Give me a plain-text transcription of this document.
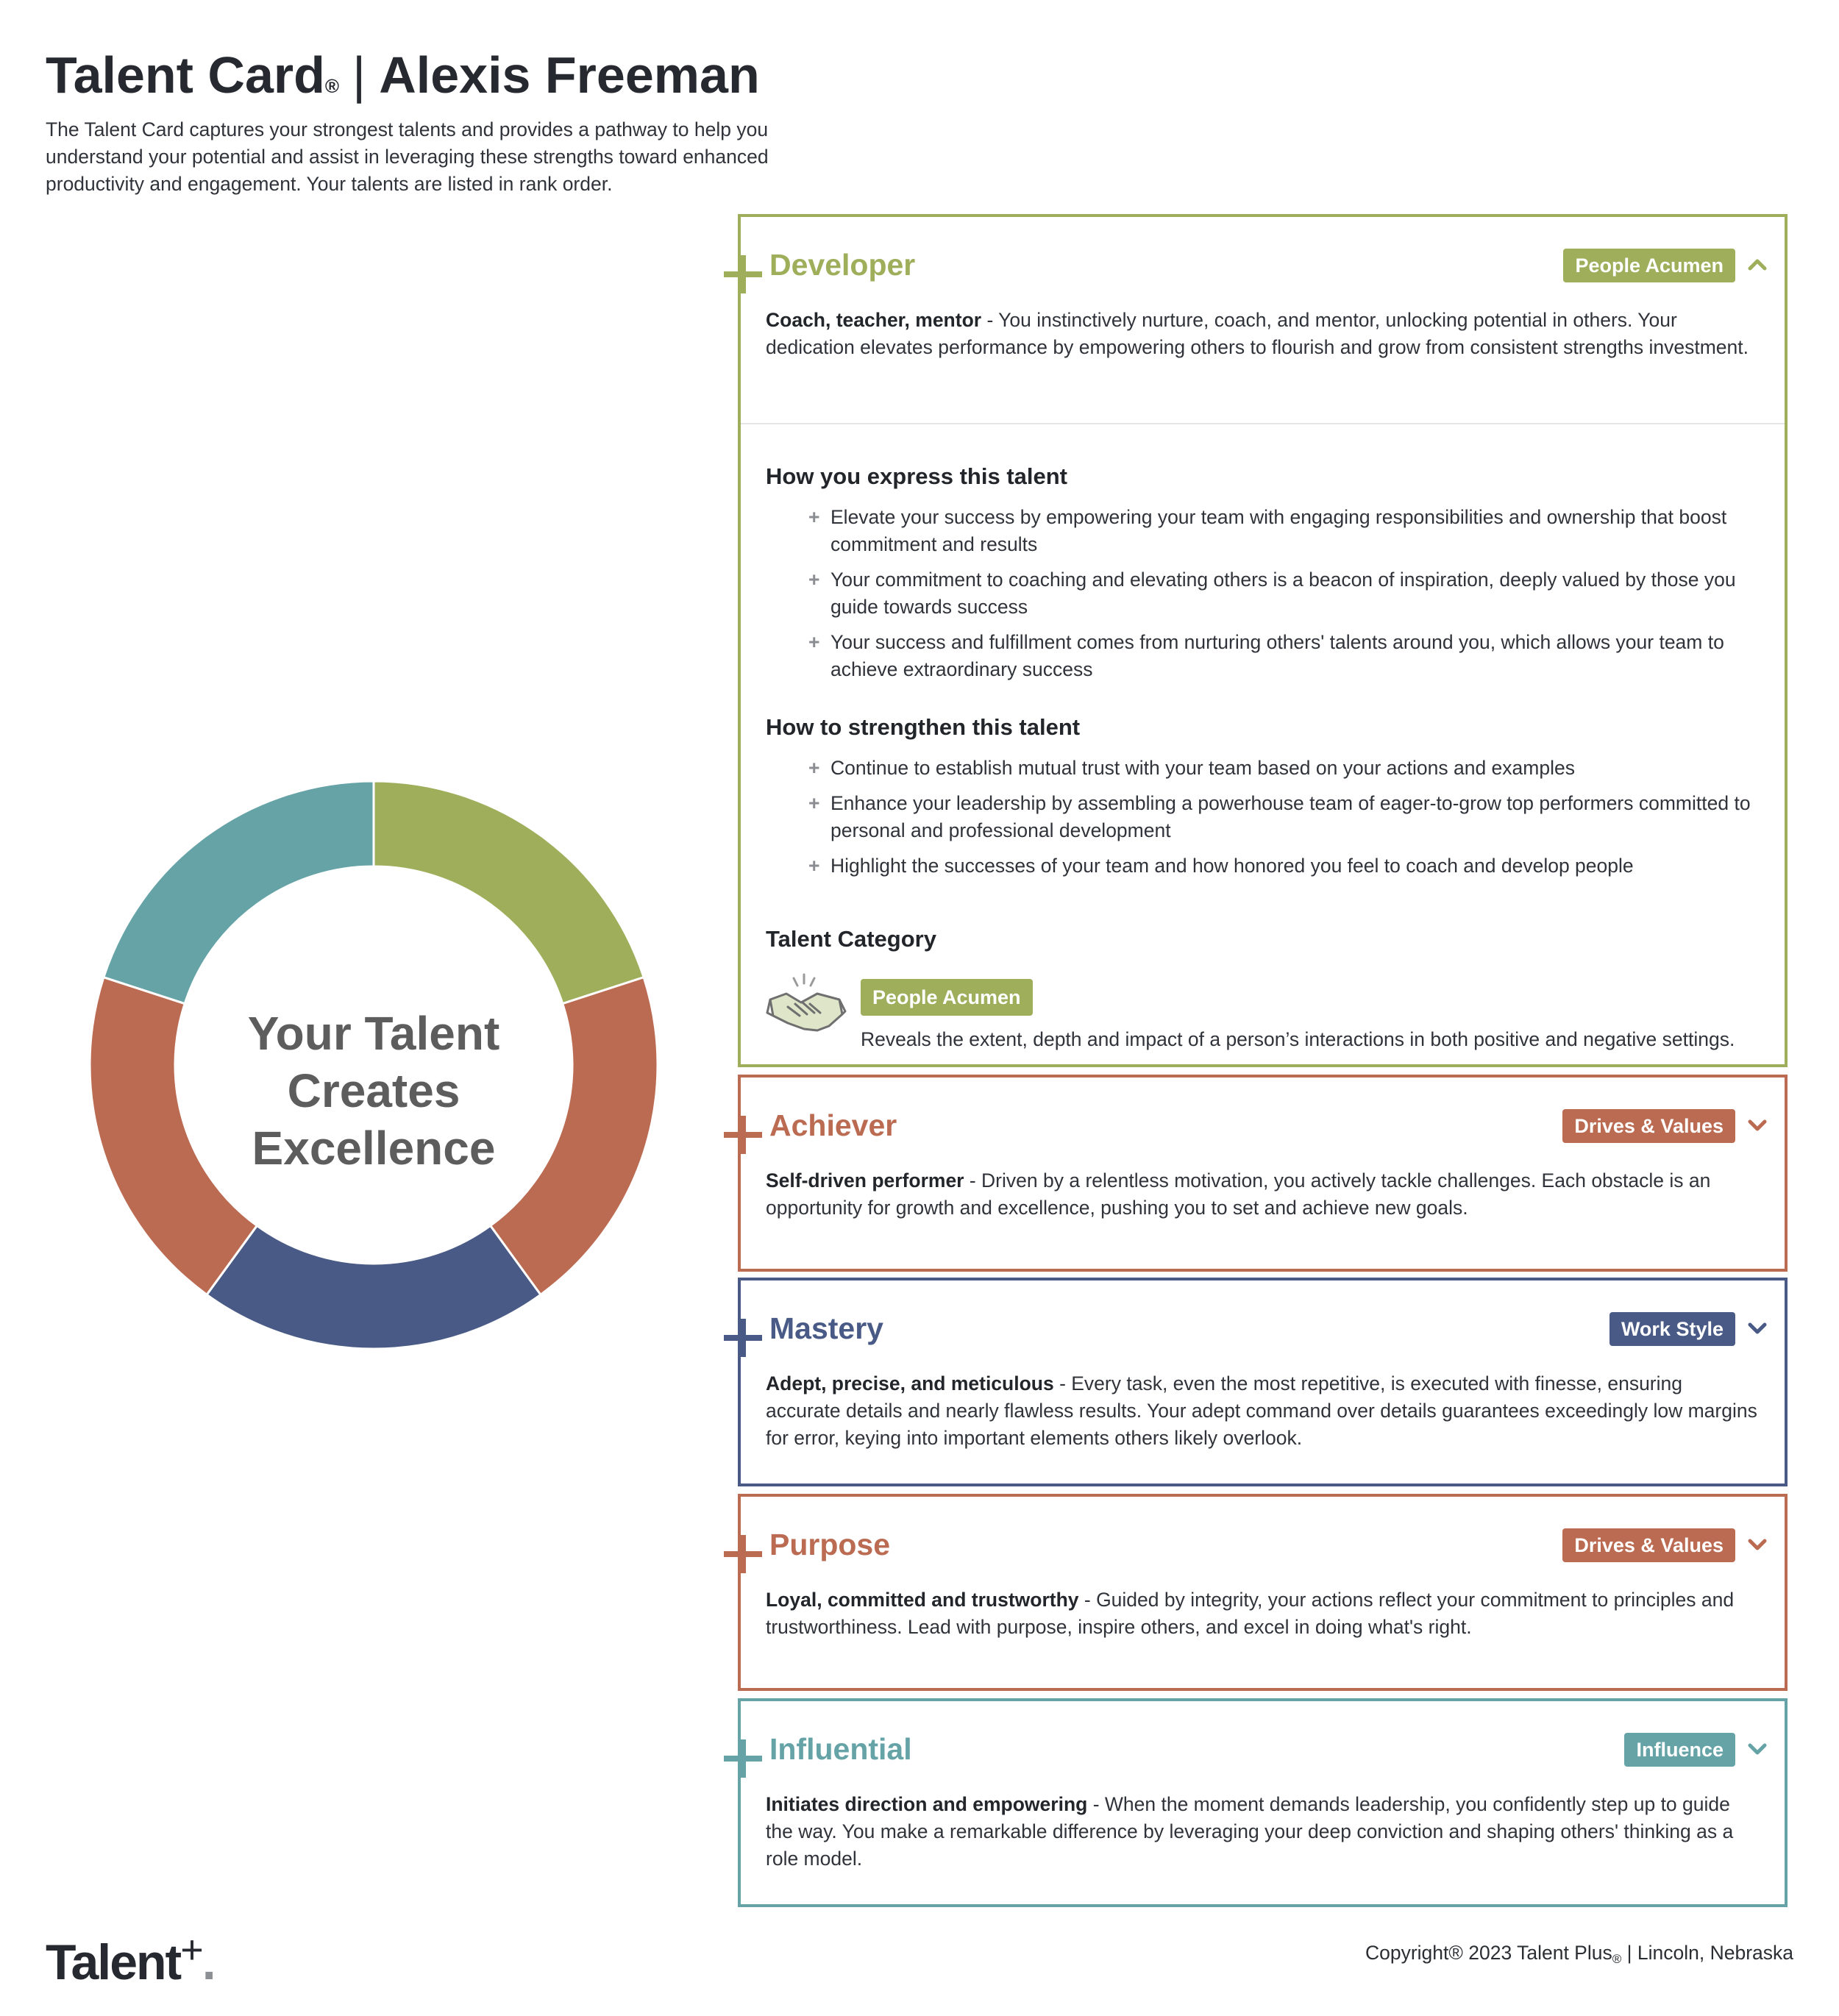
Talent Card® | Alexis Freeman

The Talent Card captures your strongest talents and provides a pathway to help you understand your potential and assist in leveraging these strengths toward enhanced productivity and engagement. Your talents are listed in rank order.

Your Talent
Creates
Excellence
Developer	People Acumen

Coach, teacher, mentor - You instinctively nurture, coach, and mentor, unlocking potential in others. Your dedication elevates performance by empowering others to flourish and grow from consistent strengths investment.

How you express this talent
+ Elevate your success by empowering your team with engaging responsibilities and ownership that boost commitment and results
+ Your commitment to coaching and elevating others is a beacon of inspiration, deeply valued by those you guide towards success
+ Your success and fulfillment comes from nurturing others' talents around you, which allows your team to achieve extraordinary success
How to strengthen this talent
+ Continue to establish mutual trust with your team based on your actions and examples
+ Enhance your leadership by assembling a powerhouse team of eager-to-grow top performers committed to personal and professional development
+ Highlight the successes of your team and how honored you feel to coach and develop people
Talent Category
People Acumen
Reveals the extent, depth and impact of a person’s interactions in both positive and negative settings.
Achiever	Drives & Values

Self-driven performer - Driven by a relentless motivation, you actively tackle challenges. Each obstacle is an opportunity for growth and excellence, pushing you to set and achieve new goals.

Mastery	Work Style

Adept, precise, and meticulous - Every task, even the most repetitive, is executed with finesse, ensuring accurate details and nearly flawless results. Your adept command over details guarantees exceedingly low margins for error, keying into important elements others likely overlook.

Purpose	Drives & Values

Loyal, committed and trustworthy - Guided by integrity, your actions reflect your commitment to principles and trustworthiness. Lead with purpose, inspire others, and excel in doing what's right.

Influential	Influence

Initiates direction and empowering - When the moment demands leadership, you confidently step up to guide the way. You make a remarkable difference by leveraging your deep conviction and shaping others' thinking as a role model.

Talent+.	Copyright® 2023 Talent Plus$_®$ | Lincoln, Nebraska
